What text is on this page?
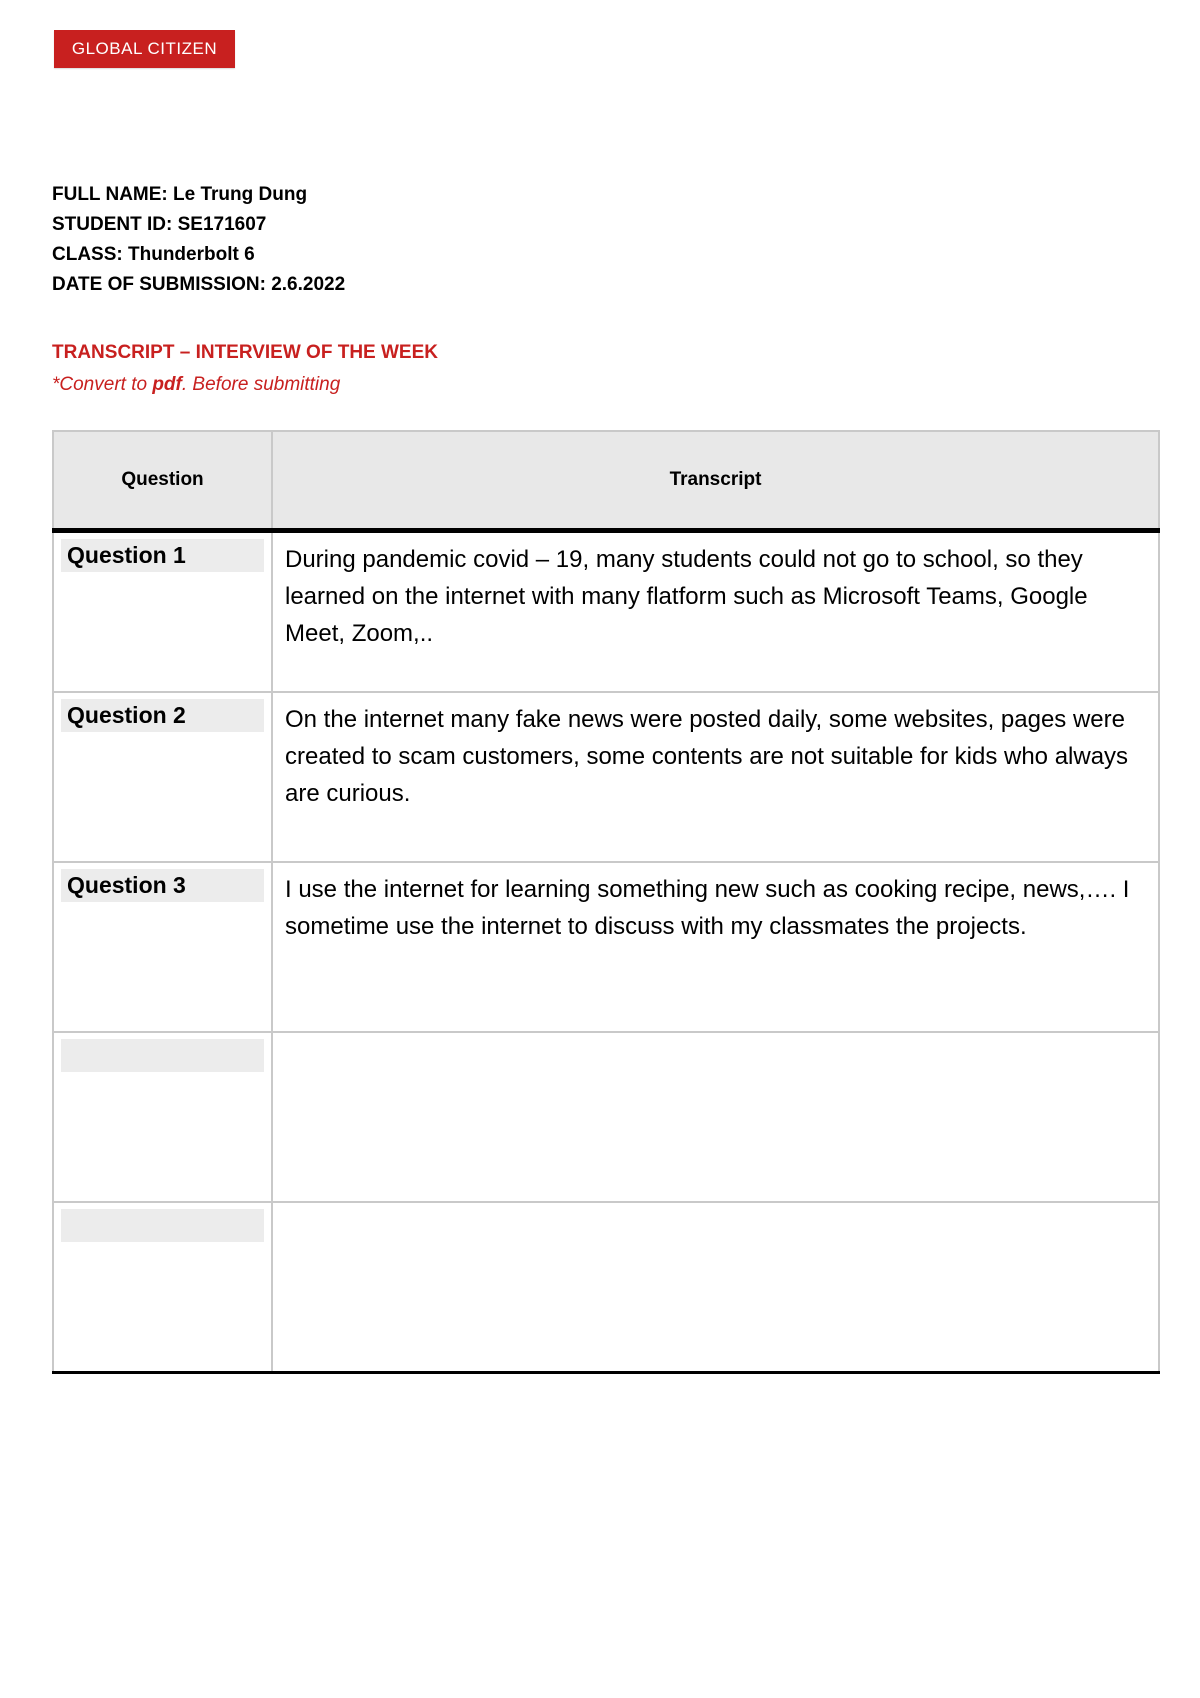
GLOBAL CITIZEN
FULL NAME: Le Trung Dung
STUDENT ID: SE171607
CLASS: Thunderbolt 6
DATE OF SUBMISSION: 2.6.2022
TRANSCRIPT – INTERVIEW OF THE WEEK
*Convert to pdf. Before submitting
Question	Transcript

Question 1	During pandemic covid – 19, many students could not go to school, so they learned on the internet with many flatform such as Microsoft Teams, Google Meet, Zoom,..

Question 2	On the internet many fake news were posted daily, some websites, pages were created to scam customers, some contents are not suitable for kids who always are curious.

Question 3	I use the internet for learning something new such as cooking recipe, news,…. I sometime use the internet to discuss with my classmates the projects.
